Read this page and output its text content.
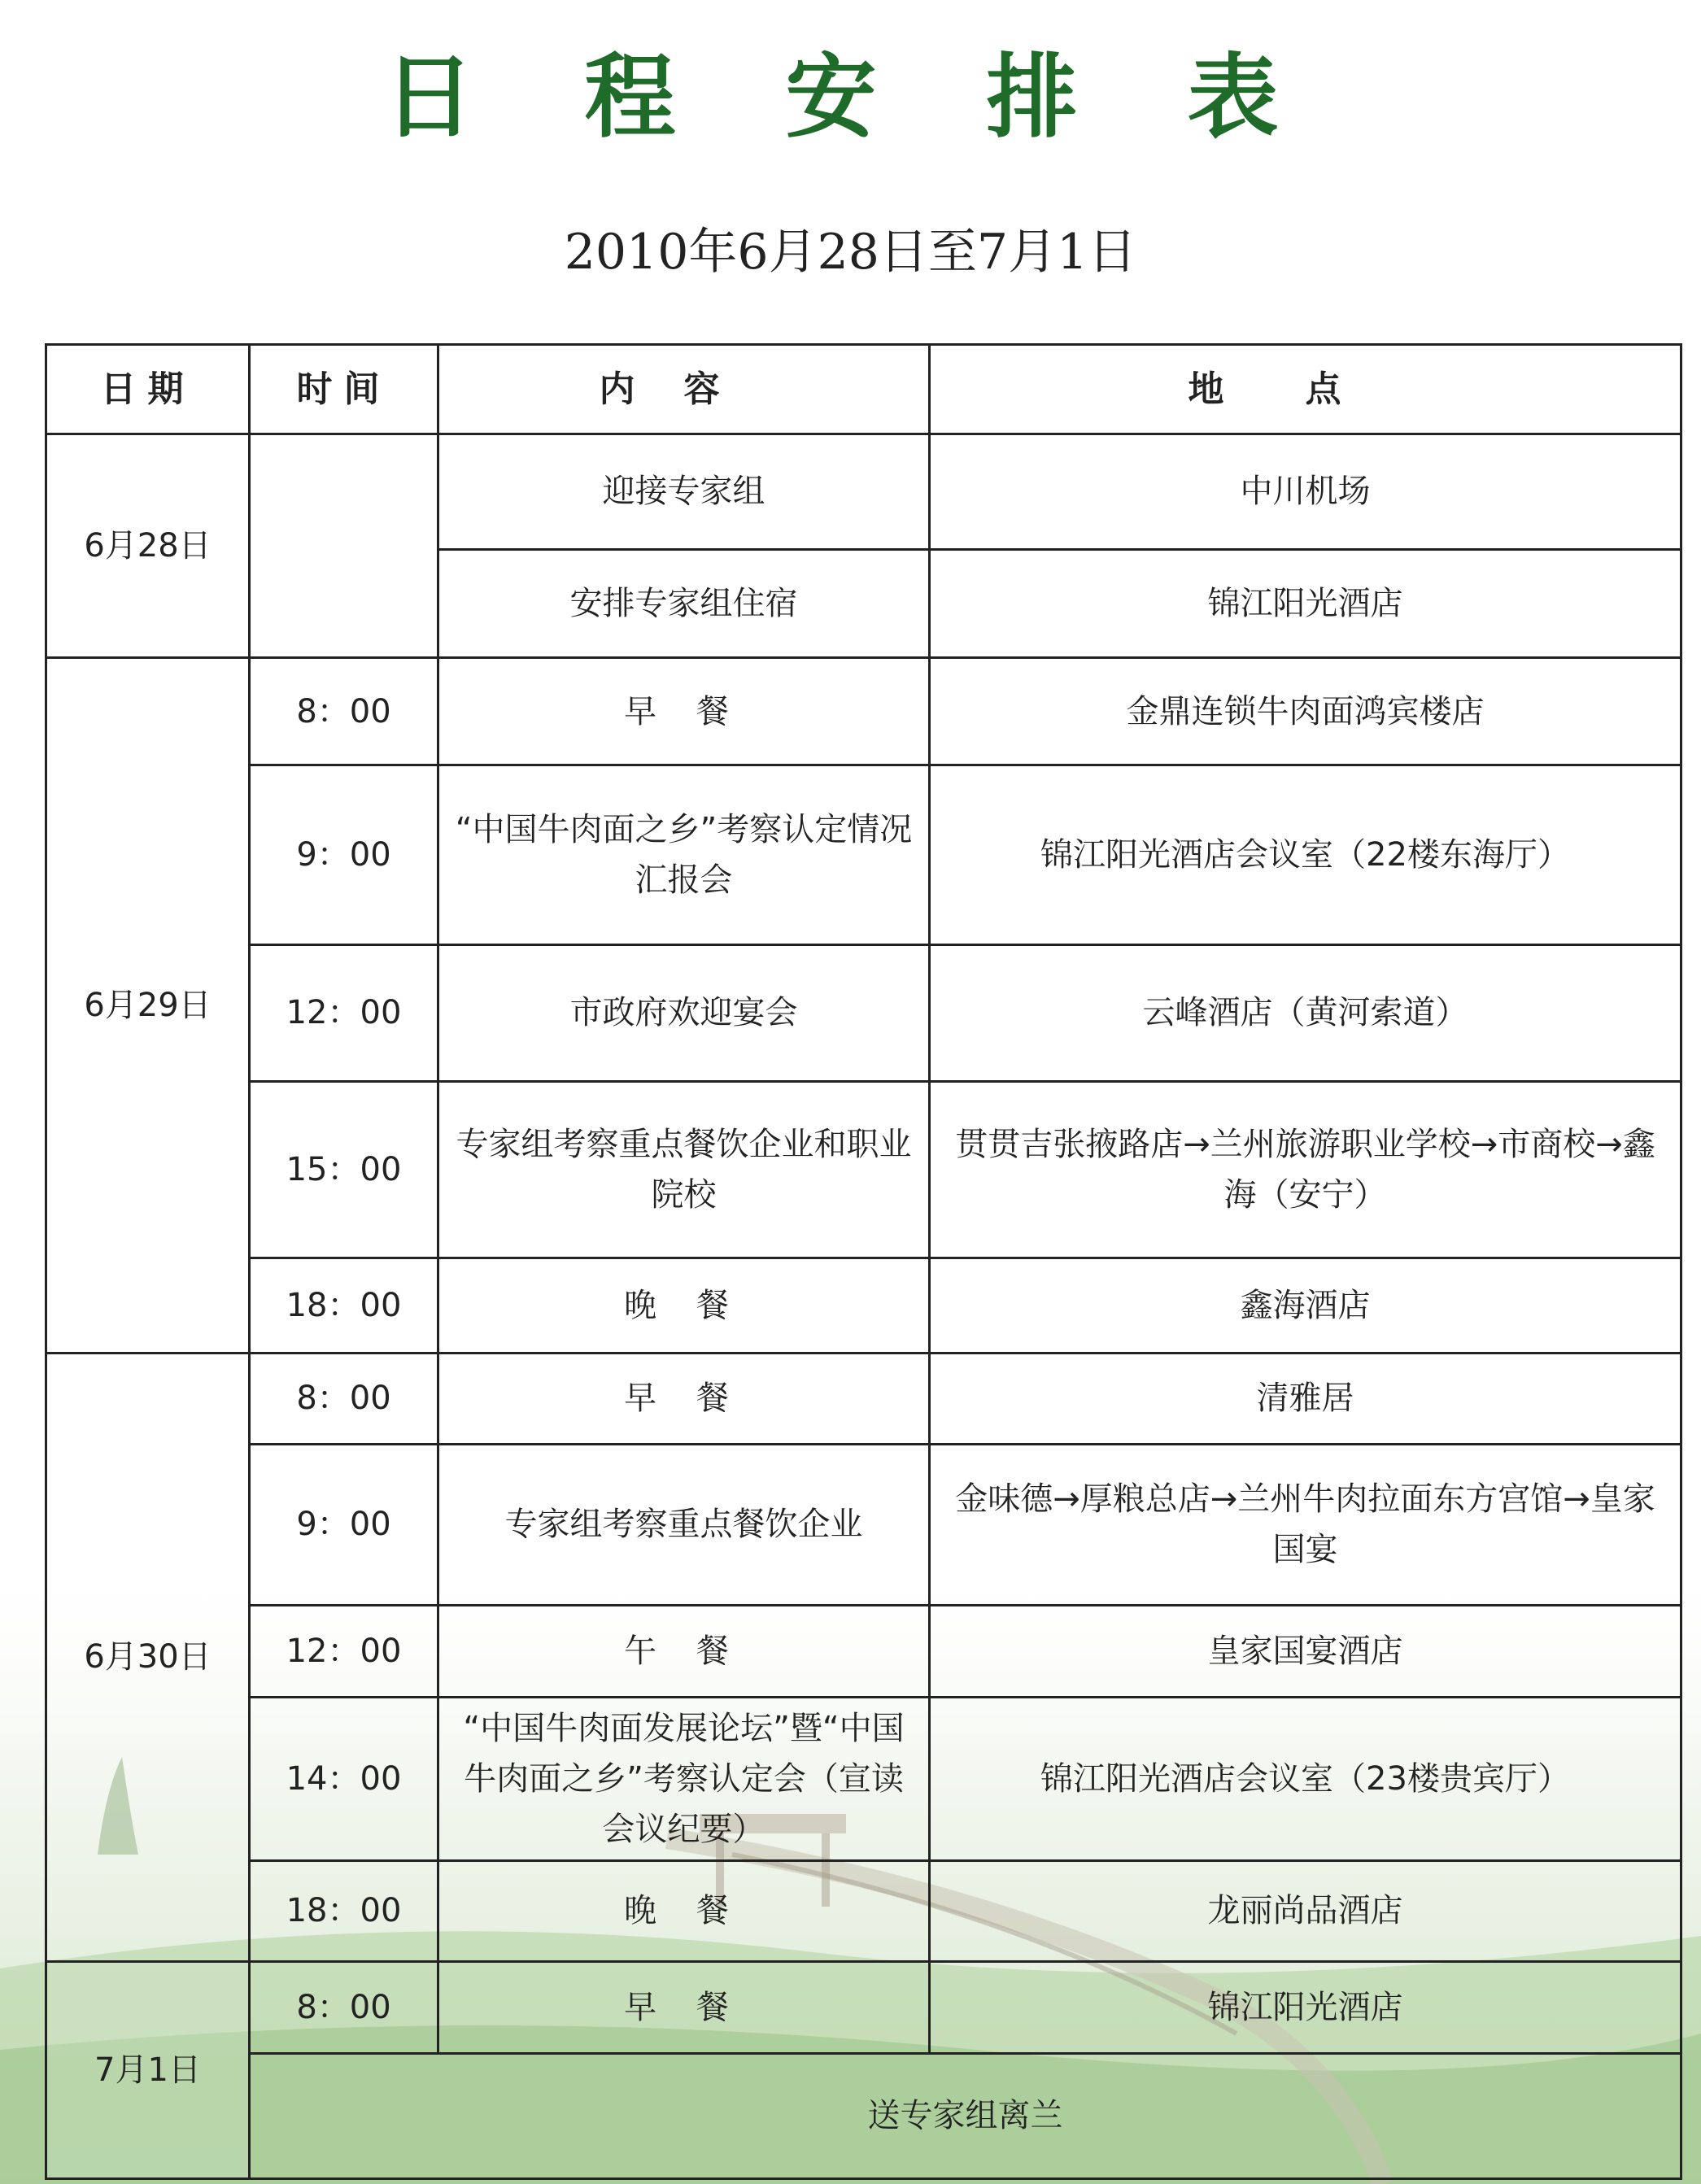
日 程 安 排 表
2010年6月28日至7月1日
日期	时间	内容	地点
6月28日		迎接专家组	中川机场
		安排专家组住宿	锦江阳光酒店
6月29日	8：00	早 餐	金鼎连锁牛肉面鸿宾楼店
	9：00	“中国牛肉面之乡”考察认定情况汇报会	锦江阳光酒店会议室（22楼东海厅）
	12：00	市政府欢迎宴会	云峰酒店（黄河索道）
	15：00	专家组考察重点餐饮企业和职业院校	贯贯吉张掖路店→兰州旅游职业学校→市商校→鑫海（安宁）
	18：00	晚 餐	鑫海酒店
6月30日	8：00	早 餐	清雅居
	9：00	专家组考察重点餐饮企业	金味德→厚粮总店→兰州牛肉拉面东方宫馆→皇家国宴
	12：00	午 餐	皇家国宴酒店
	14：00	“中国牛肉面发展论坛”暨“中国牛肉面之乡”考察认定会（宣读会议纪要）	锦江阳光酒店会议室（23楼贵宾厅）
	18：00	晚 餐	龙丽尚品酒店
7月1日	8：00	早 餐	锦江阳光酒店
	送专家组离兰		
